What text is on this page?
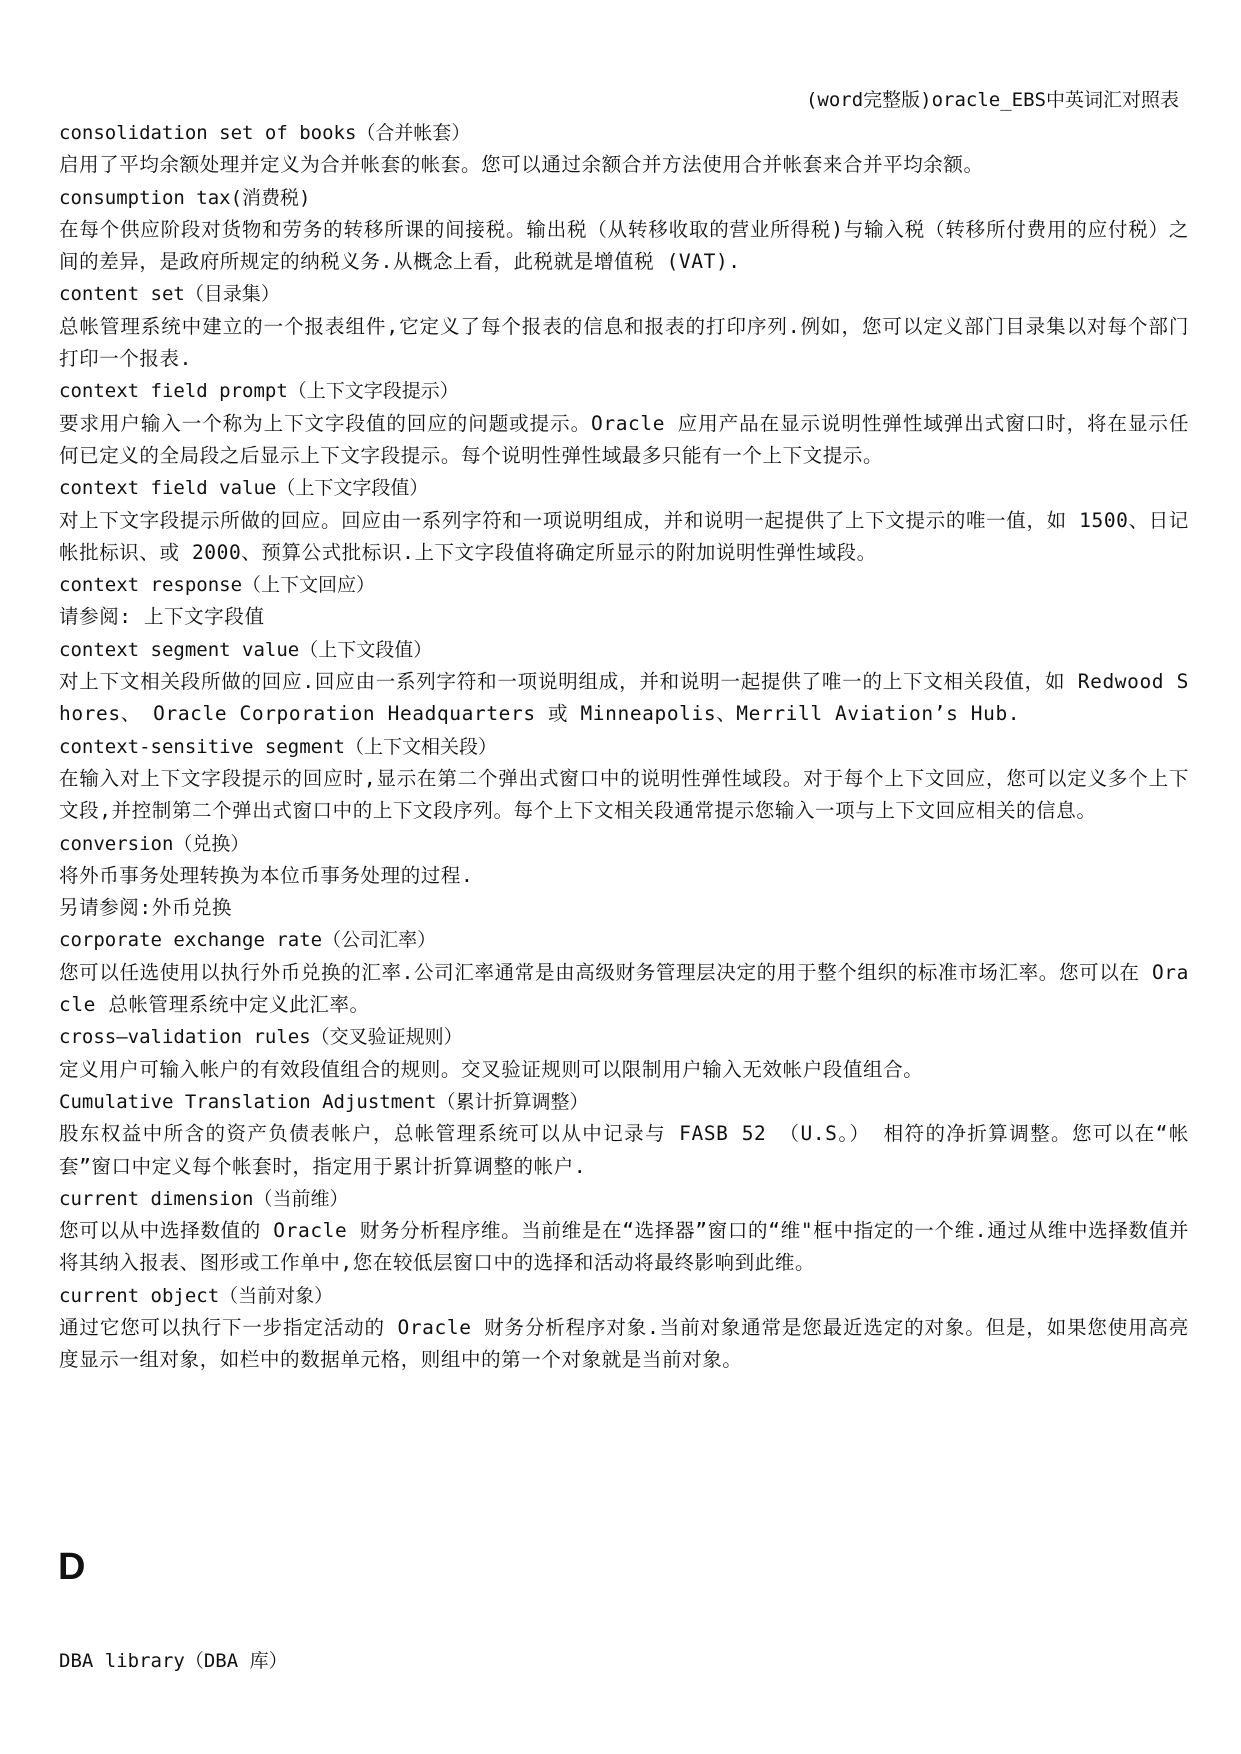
(word完整版)oracle_EBS中英词汇对照表
consolidation set of books（合并帐套）
启用了平均余额处理并定义为合并帐套的帐套。您可以通过余额合并方法使用合并帐套来合并平均余额。
consumption tax(消费税)
在每个供应阶段对货物和劳务的转移所课的间接税。输出税（从转移收取的营业所得税)与输入税（转移所付费用的应付税）之间的差异，是政府所规定的纳税义务.从概念上看，此税就是增值税 (VAT).
content set（目录集）
总帐管理系统中建立的一个报表组件,它定义了每个报表的信息和报表的打印序列.例如，您可以定义部门目录集以对每个部门打印一个报表.
context field prompt（上下文字段提示）
要求用户输入一个称为上下文字段值的回应的问题或提示。Oracle 应用产品在显示说明性弹性域弹出式窗口时，将在显示任何已定义的全局段之后显示上下文字段提示。每个说明性弹性域最多只能有一个上下文提示。
context field value（上下文字段值）
对上下文字段提示所做的回应。回应由一系列字符和一项说明组成，并和说明一起提供了上下文提示的唯一值，如 1500、日记帐批标识、或 2000、预算公式批标识.上下文字段值将确定所显示的附加说明性弹性域段。
context response（上下文回应）
请参阅: 上下文字段值
context segment value（上下文段值）
对上下文相关段所做的回应.回应由一系列字符和一项说明组成，并和说明一起提供了唯一的上下文相关段值，如 Redwood Shores、 Oracle Corporation Headquarters 或 Minneapolis、Merrill Aviation’s Hub.
context-sensitive segment（上下文相关段）
在输入对上下文字段提示的回应时,显示在第二个弹出式窗口中的说明性弹性域段。对于每个上下文回应，您可以定义多个上下文段,并控制第二个弹出式窗口中的上下文段序列。每个上下文相关段通常提示您输入一项与上下文回应相关的信息。
conversion（兑换）
将外币事务处理转换为本位币事务处理的过程.
另请参阅:外币兑换
corporate exchange rate（公司汇率）
您可以任选使用以执行外币兑换的汇率.公司汇率通常是由高级财务管理层决定的用于整个组织的标准市场汇率。您可以在 Oracle 总帐管理系统中定义此汇率。
cross—validation rules（交叉验证规则）
定义用户可输入帐户的有效段值组合的规则。交叉验证规则可以限制用户输入无效帐户段值组合。
Cumulative Translation Adjustment（累计折算调整）
股东权益中所含的资产负债表帐户，总帐管理系统可以从中记录与 FASB 52 （U.S。） 相符的净折算调整。您可以在“帐套”窗口中定义每个帐套时，指定用于累计折算调整的帐户.
current dimension（当前维）
您可以从中选择数值的 Oracle 财务分析程序维。当前维是在“选择器”窗口的“维"框中指定的一个维.通过从维中选择数值并将其纳入报表、图形或工作单中,您在较低层窗口中的选择和活动将最终影响到此维。
current object（当前对象）
通过它您可以执行下一步指定活动的 Oracle 财务分析程序对象.当前对象通常是您最近选定的对象。但是，如果您使用高亮度显示一组对象，如栏中的数据单元格，则组中的第一个对象就是当前对象。
D
DBA library（DBA 库）
